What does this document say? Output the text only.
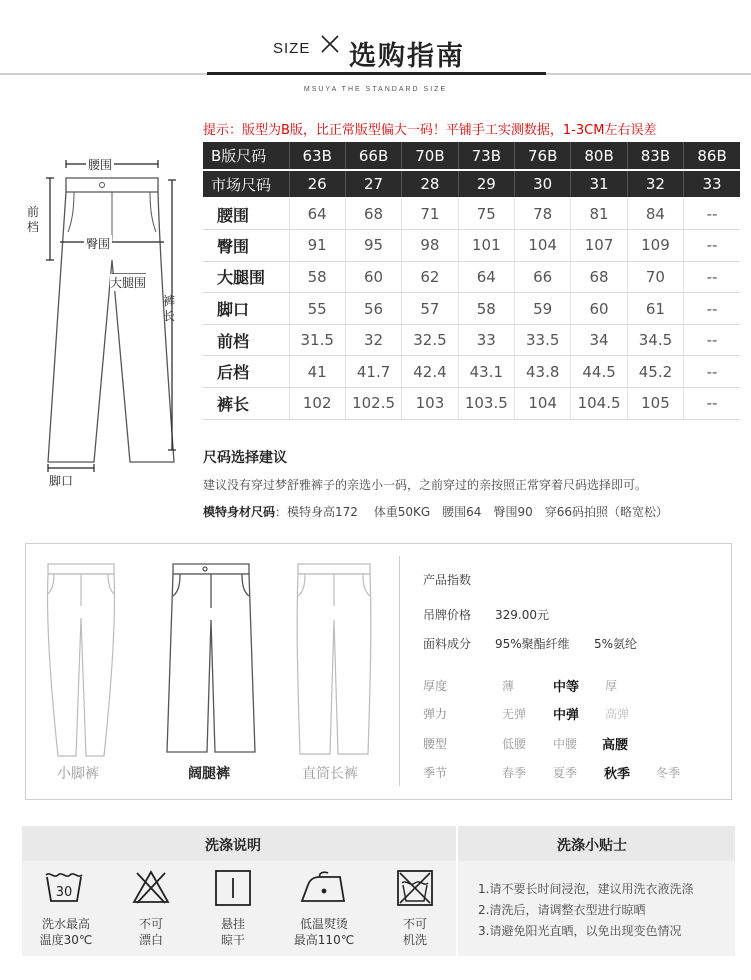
SIZE 选购指南
MSUYA THE STANDARD SIZE
提示：版型为B版，比正常版型偏大一码！平铺手工实测数据，1-3CM左右误差
腰围
前
档
臀围
大腿围
裤
长
脚口
B版尺码	63B	66B	70B	73B	76B	80B	83B	86B
市场尺码	26	27	28	29	30	31	32	33
腰围	64	68	71	75	78	81	84	--
臀围	91	95	98	101	104	107	109	--
大腿围	58	60	62	64	66	68	70	--
脚口	55	56	57	58	59	60	61	--
前档	31.5	32	32.5	33	33.5	34	34.5	--
后档	41	41.7	42.4	43.1	43.8	44.5	45.2	--
裤长	102	102.5	103	103.5	104	104.5	105	--
尺码选择建议
建议没有穿过梦舒雅裤子的亲选小一码，之前穿过的亲按照正常穿着尺码选择即可。
模特身材尺码：模特身高172　 体重50KG　腰围64　臀围90　穿66码拍照（略宽松）
小脚裤	阔腿裤	直筒长裤
产品指数
吊牌价格 329.00元
面料成分 95%聚酯纤维 5%氨纶
厚度	薄	中等 厚
弹力	无弹 中弹 高弹
腰型	低腰 中腰 高腰
季节	春季 夏季 秋季 冬季
洗涤说明	洗涤小贴士
30
洗水最高
温度30℃
不可
漂白
悬挂
晾干
低温熨烫
最高110℃
不可
机洗
1.请不要长时间浸泡，建议用洗衣液洗涤
2.清洗后，请调整衣型进行晾晒
3.请避免阳光直晒，以免出现变色情况
